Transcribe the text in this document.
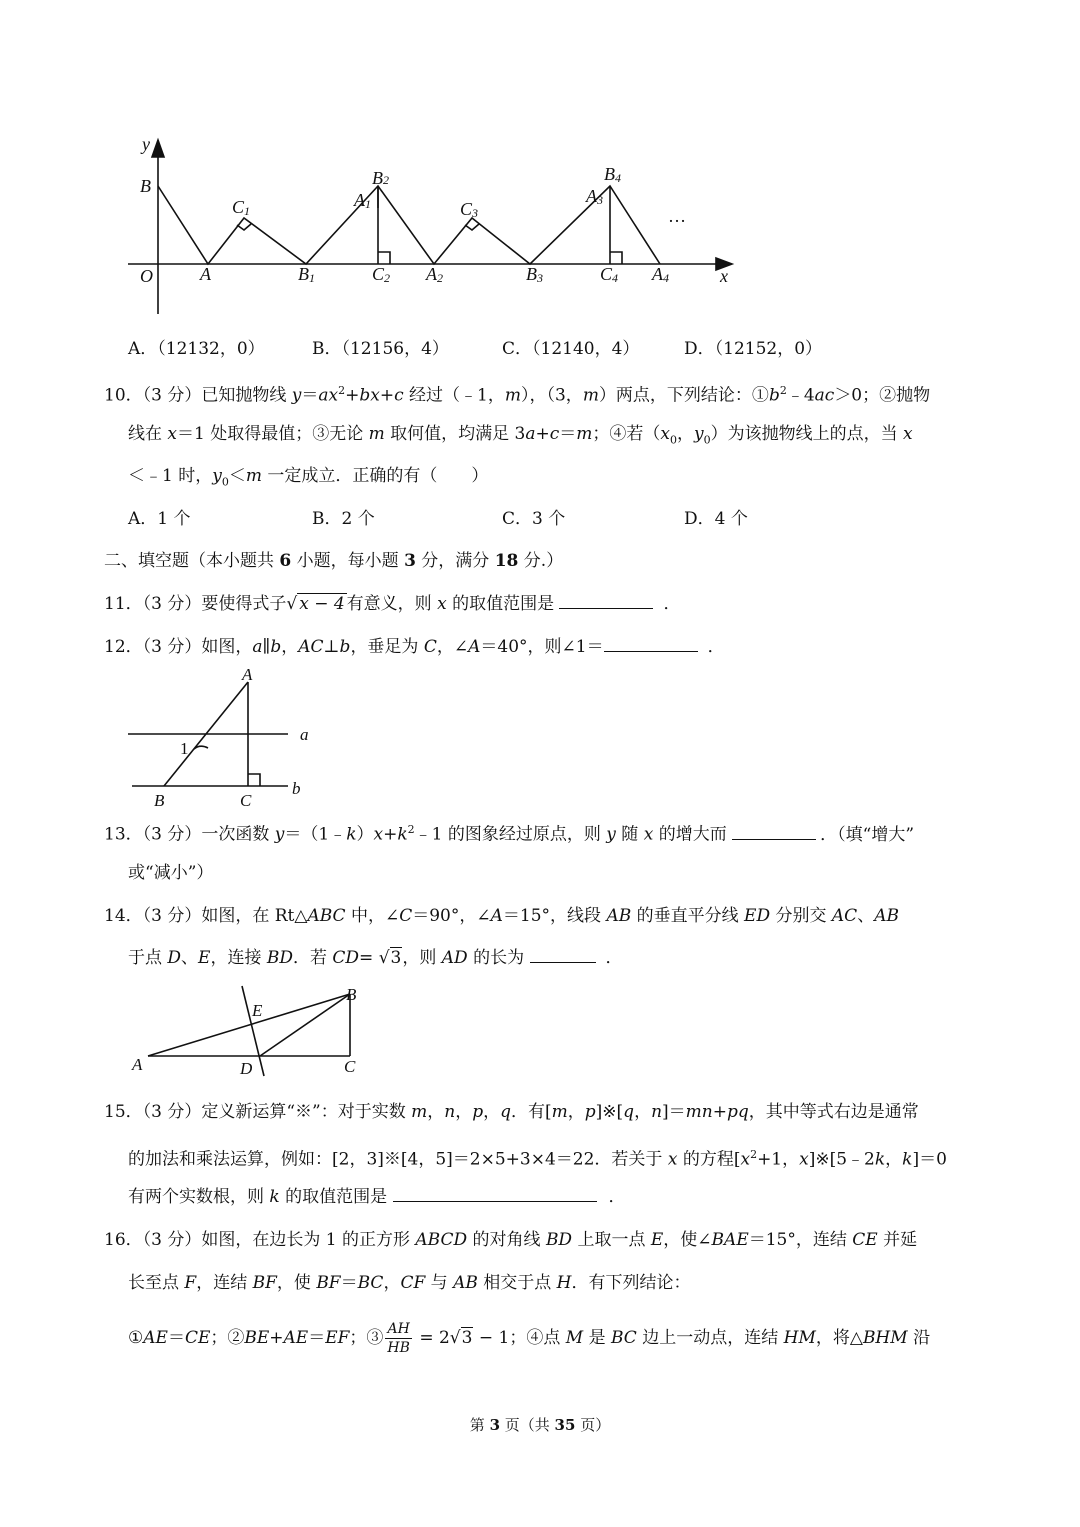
y
x
O
B
A
C1
B1
A1
B2
C2 A2
C3
B3
A3
B4
C4 A4
…
A．（12132，0）	B．（12156，4）	C．（12140，4）	D．（12152，0）
10．（3 分）已知抛物线 $y=ax^2+bx+c$ 经过（﹣1，m），（3，m）两点，下列结论：$①b^2﹣4ac>0$；②抛物
线在 x＝1 处取得最值；③无论 m 取何值，均满足 3a+c＝m；④若（$x_0$，$y_0$）为该抛物线上的点，当 x
＜﹣1 时，$y_0<m$ 一定成立．正确的有（　　）
A．1 个	B．2 个	C．3 个	D．4 个
二、填空题（本小题共 6 小题，每小题 3 分，满分 18 分.）
11．（3 分）要使得式子√ x − 4 有意义，则 x 的取值范围是	．
12．（3 分）如图，a∥b，AC⊥b，垂足为 C，∠A＝40°，则∠1＝	．
A
a
b
1
B	C
13．（3 分）一次函数 $y=(1﹣k)x+k^2﹣1$ 的图象经过原点，则 y 随 x 的增大而	．（填“增大”
或“减小”）
14．（3 分）如图，在 Rt△ABC 中，∠C＝90°，∠A＝15°，线段 AB 的垂直平分线 ED 分别交 AC、AB
于点 D、E，连接 BD．若 CD= √3，则 AD 的长为	．
E
B
A	D	C
15．（3 分）定义新运算“※”：对于实数 m，n，p，q．有[m，p]※[q，n]＝mn+pq，其中等式右边是通常
的加法和乘法运算，例如：[2，3]※[4，5]＝2×5+3×4＝22．若关于 x 的方程[$x^2+1$，x]※[5﹣2k，k]＝0
有两个实数根，则 k 的取值范围是	．
16．（3 分）如图，在边长为 1 的正方形 ABCD 的对角线 BD 上取一点 E，使∠BAE＝15°，连结 CE 并延
长至点 F，连结 BF，使 BF＝BC，CF 与 AB 相交于点 H．有下列结论：
①AE＝CE；②BE+AE＝EF；③ $\frac{AH}{HB} = 2√3 - 1$；④点 M 是 BC 边上一动点，连结 HM，将△BHM 沿
第 3 页（共 35 页）
